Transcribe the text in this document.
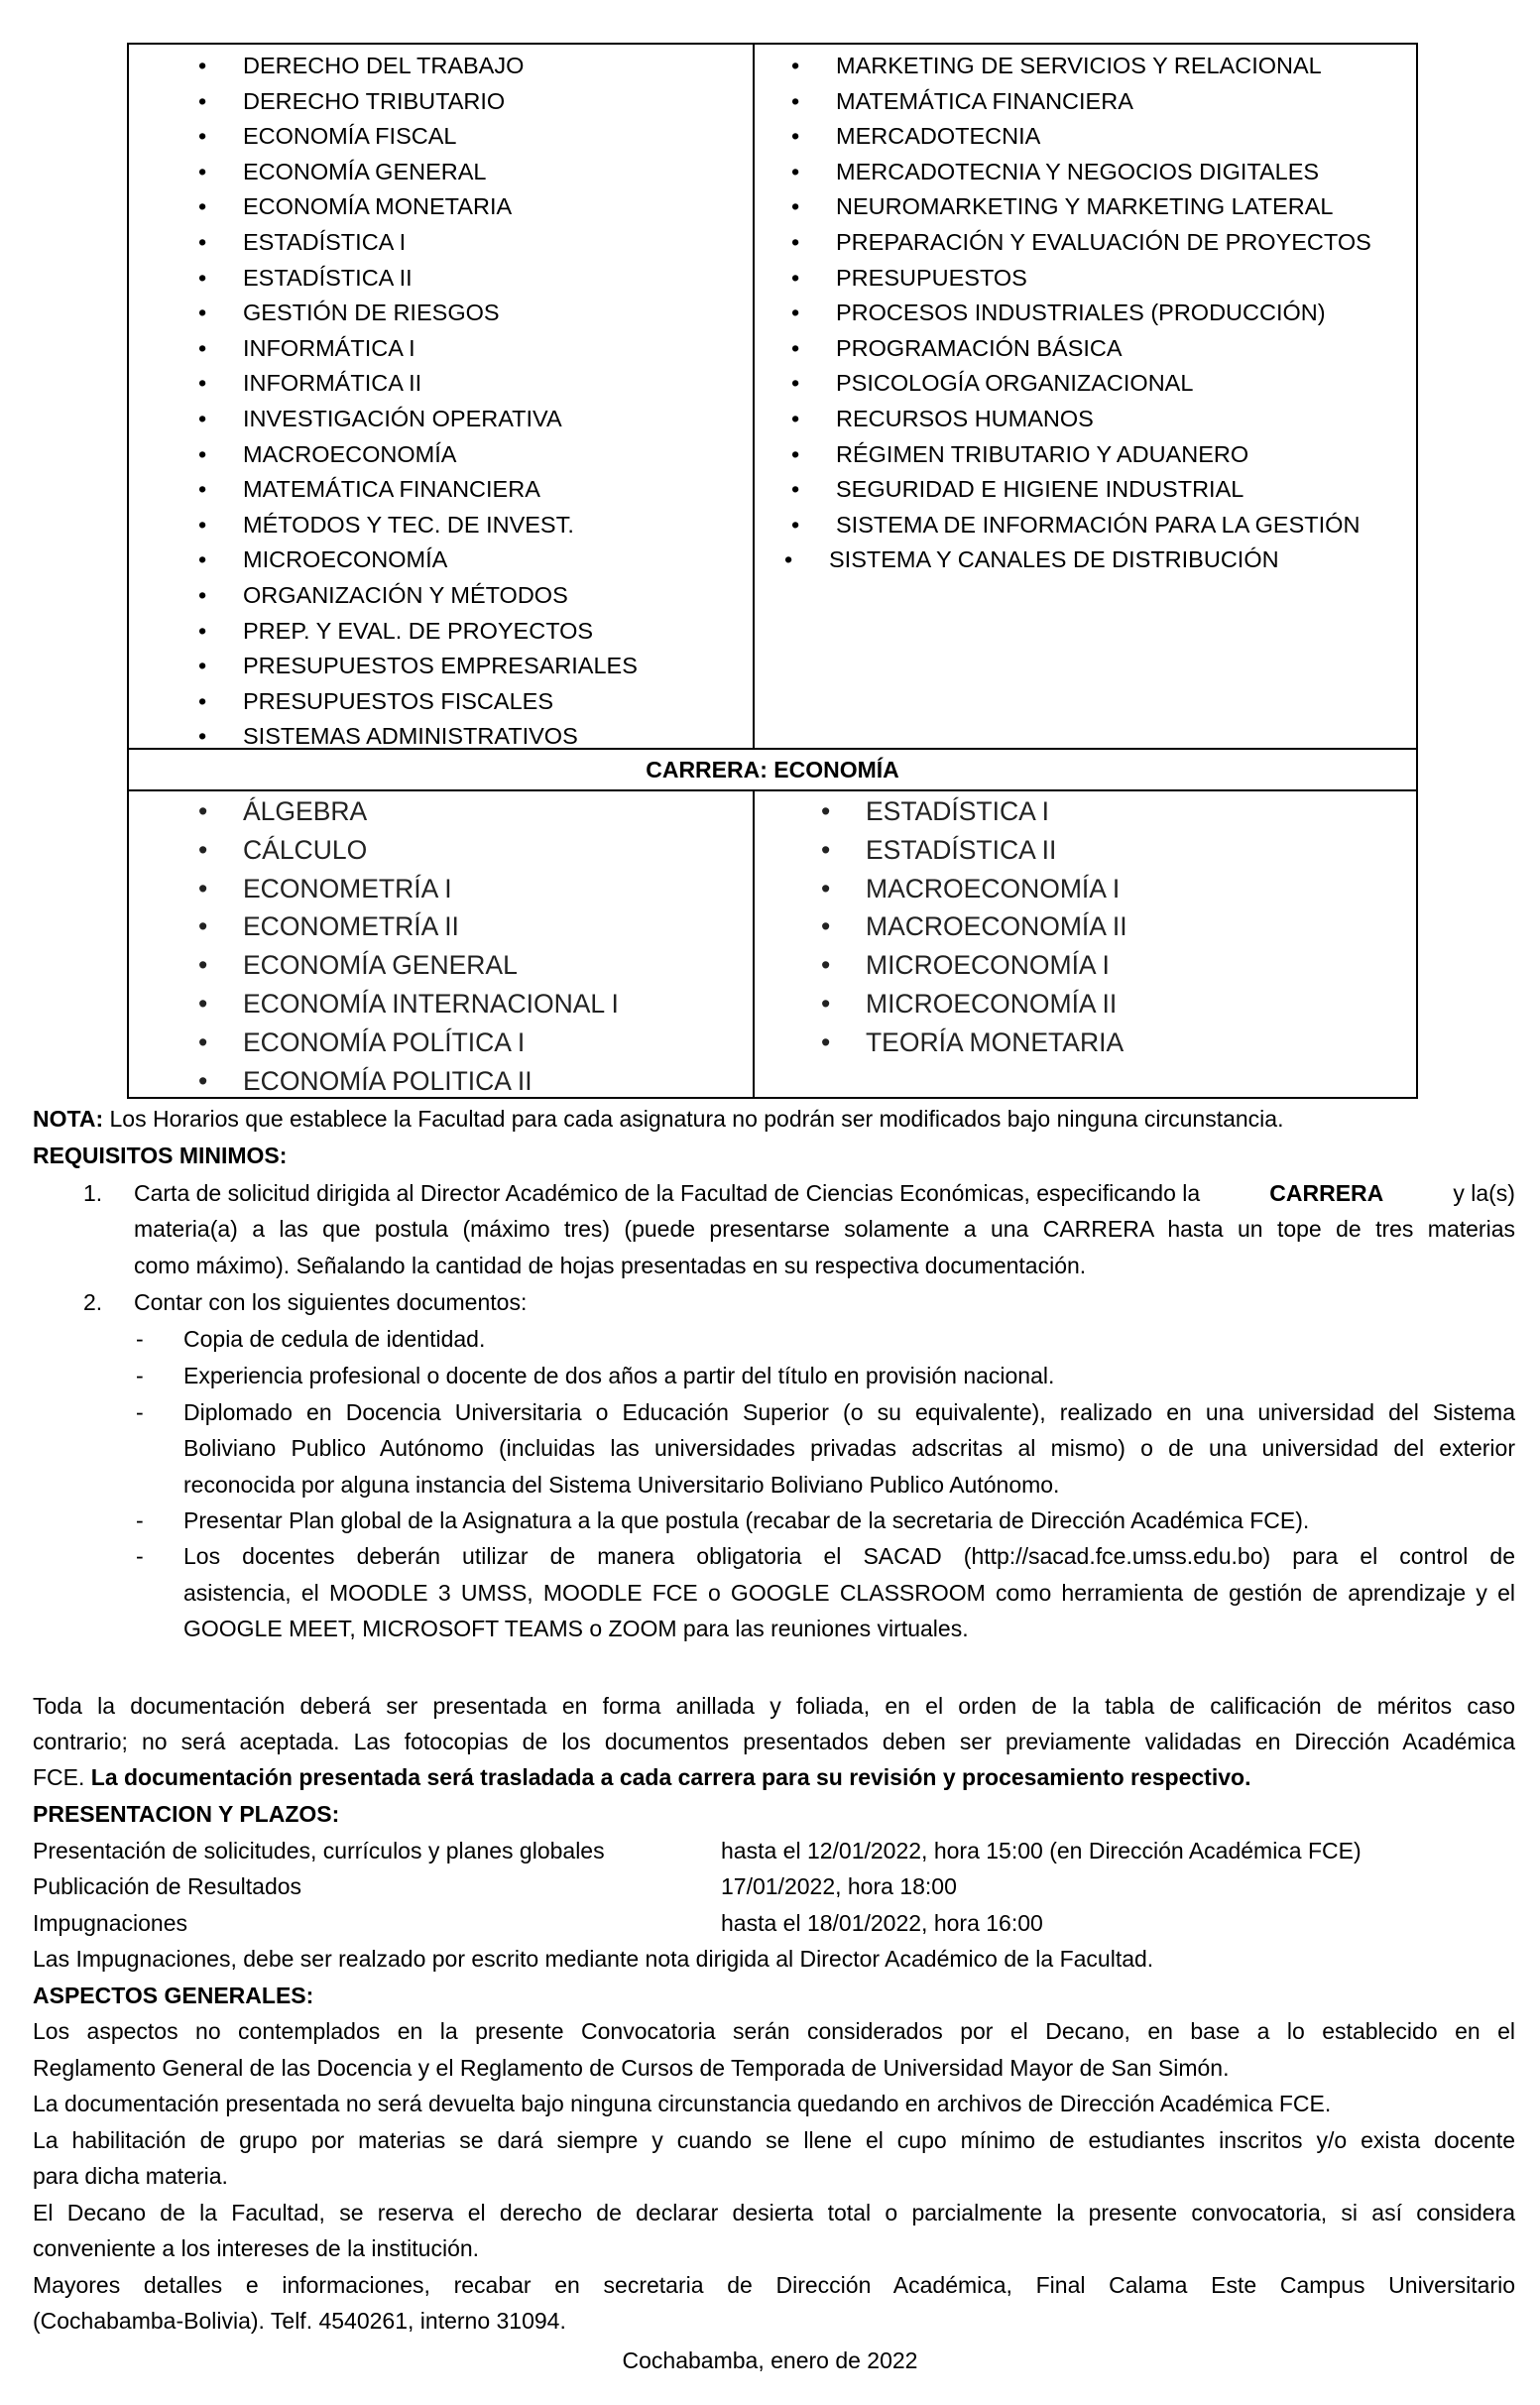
• DERECHO DEL TRABAJO
• DERECHO TRIBUTARIO
• ECONOMÍA FISCAL
• ECONOMÍA GENERAL
• ECONOMÍA MONETARIA
• ESTADÍSTICA I
• ESTADÍSTICA II
• GESTIÓN DE RIESGOS
• INFORMÁTICA I
• INFORMÁTICA II
• INVESTIGACIÓN OPERATIVA
• MACROECONOMÍA
• MATEMÁTICA FINANCIERA
• MÉTODOS Y TEC. DE INVEST.
• MICROECONOMÍA
• ORGANIZACIÓN Y MÉTODOS
• PREP. Y EVAL. DE PROYECTOS
• PRESUPUESTOS EMPRESARIALES
• PRESUPUESTOS FISCALES
• SISTEMAS ADMINISTRATIVOS
• MARKETING DE SERVICIOS Y RELACIONAL
• MATEMÁTICA FINANCIERA
• MERCADOTECNIA
• MERCADOTECNIA Y NEGOCIOS DIGITALES
• NEUROMARKETING Y MARKETING LATERAL
• PREPARACIÓN Y EVALUACIÓN DE PROYECTOS
• PRESUPUESTOS
• PROCESOS INDUSTRIALES (PRODUCCIÓN)
• PROGRAMACIÓN BÁSICA
• PSICOLOGÍA ORGANIZACIONAL
• RECURSOS HUMANOS
• RÉGIMEN TRIBUTARIO Y ADUANERO
• SEGURIDAD E HIGIENE INDUSTRIAL
• SISTEMA DE INFORMACIÓN PARA LA GESTIÓN
• SISTEMA Y CANALES DE DISTRIBUCIÓN
CARRERA: ECONOMÍA
• ÁLGEBRA
• CÁLCULO
• ECONOMETRÍA I
• ECONOMETRÍA II
• ECONOMÍA GENERAL
• ECONOMÍA INTERNACIONAL I
• ECONOMÍA POLÍTICA I
• ECONOMÍA POLITICA II
• ESTADÍSTICA I
• ESTADÍSTICA II
• MACROECONOMÍA I
• MACROECONOMÍA II
• MICROECONOMÍA I
• MICROECONOMÍA II
• TEORÍA MONETARIA
NOTA: Los Horarios que establece la Facultad para cada asignatura no podrán ser modificados bajo ninguna circunstancia.
REQUISITOS MINIMOS:
1. Carta de solicitud dirigida al Director Académico de la Facultad de Ciencias Económicas, especificando la	CARRERA	y la(s)
materia(a) a las que postula (máximo tres) (puede presentarse solamente a una CARRERA hasta un tope de tres materias
como máximo). Señalando la cantidad de hojas presentadas en su respectiva documentación.
2. Contar con los siguientes documentos:
- Copia de cedula de identidad.
- Experiencia profesional o docente de dos años a partir del título en provisión nacional.
- Diplomado en Docencia Universitaria o Educación Superior (o su equivalente), realizado en una universidad del Sistema
Boliviano Publico Autónomo (incluidas las universidades privadas adscritas al mismo) o de una universidad del exterior
reconocida por alguna instancia del Sistema Universitario Boliviano Publico Autónomo.
- Presentar Plan global de la Asignatura a la que postula (recabar de la secretaria de Dirección Académica FCE).
- Los docentes deberán utilizar de manera obligatoria el SACAD (http://sacad.fce.umss.edu.bo) para el control de
asistencia, el MOODLE 3 UMSS, MOODLE FCE o GOOGLE CLASSROOM como herramienta de gestión de aprendizaje y el
GOOGLE MEET, MICROSOFT TEAMS o ZOOM para las reuniones virtuales.
Toda la documentación deberá ser presentada en forma anillada y foliada, en el orden de la tabla de calificación de méritos caso
contrario; no será aceptada. Las fotocopias de los documentos presentados deben ser previamente validadas en Dirección Académica
FCE. La documentación presentada será trasladada a cada carrera para su revisión y procesamiento respectivo.
PRESENTACION Y PLAZOS:
Presentación de solicitudes, currículos y planes globales	hasta el 12/01/2022, hora 15:00 (en Dirección Académica FCE)
Publicación de Resultados	17/01/2022, hora 18:00
Impugnaciones	hasta el 18/01/2022, hora 16:00
Las Impugnaciones, debe ser realzado por escrito mediante nota dirigida al Director Académico de la Facultad.
ASPECTOS GENERALES:
Los aspectos no contemplados en la presente Convocatoria serán considerados por el Decano, en base a lo establecido en el
Reglamento General de las Docencia y el Reglamento de Cursos de Temporada de Universidad Mayor de San Simón.
La documentación presentada no será devuelta bajo ninguna circunstancia quedando en archivos de Dirección Académica FCE.
La habilitación de grupo por materias se dará siempre y cuando se llene el cupo mínimo de estudiantes inscritos y/o exista docente
para dicha materia.
El Decano de la Facultad, se reserva el derecho de declarar desierta total o parcialmente la presente convocatoria, si así considera
conveniente a los intereses de la institución.
Mayores detalles e informaciones, recabar en secretaria de Dirección Académica, Final Calama Este Campus Universitario
(Cochabamba-Bolivia). Telf. 4540261, interno 31094.
Cochabamba, enero de 2022
